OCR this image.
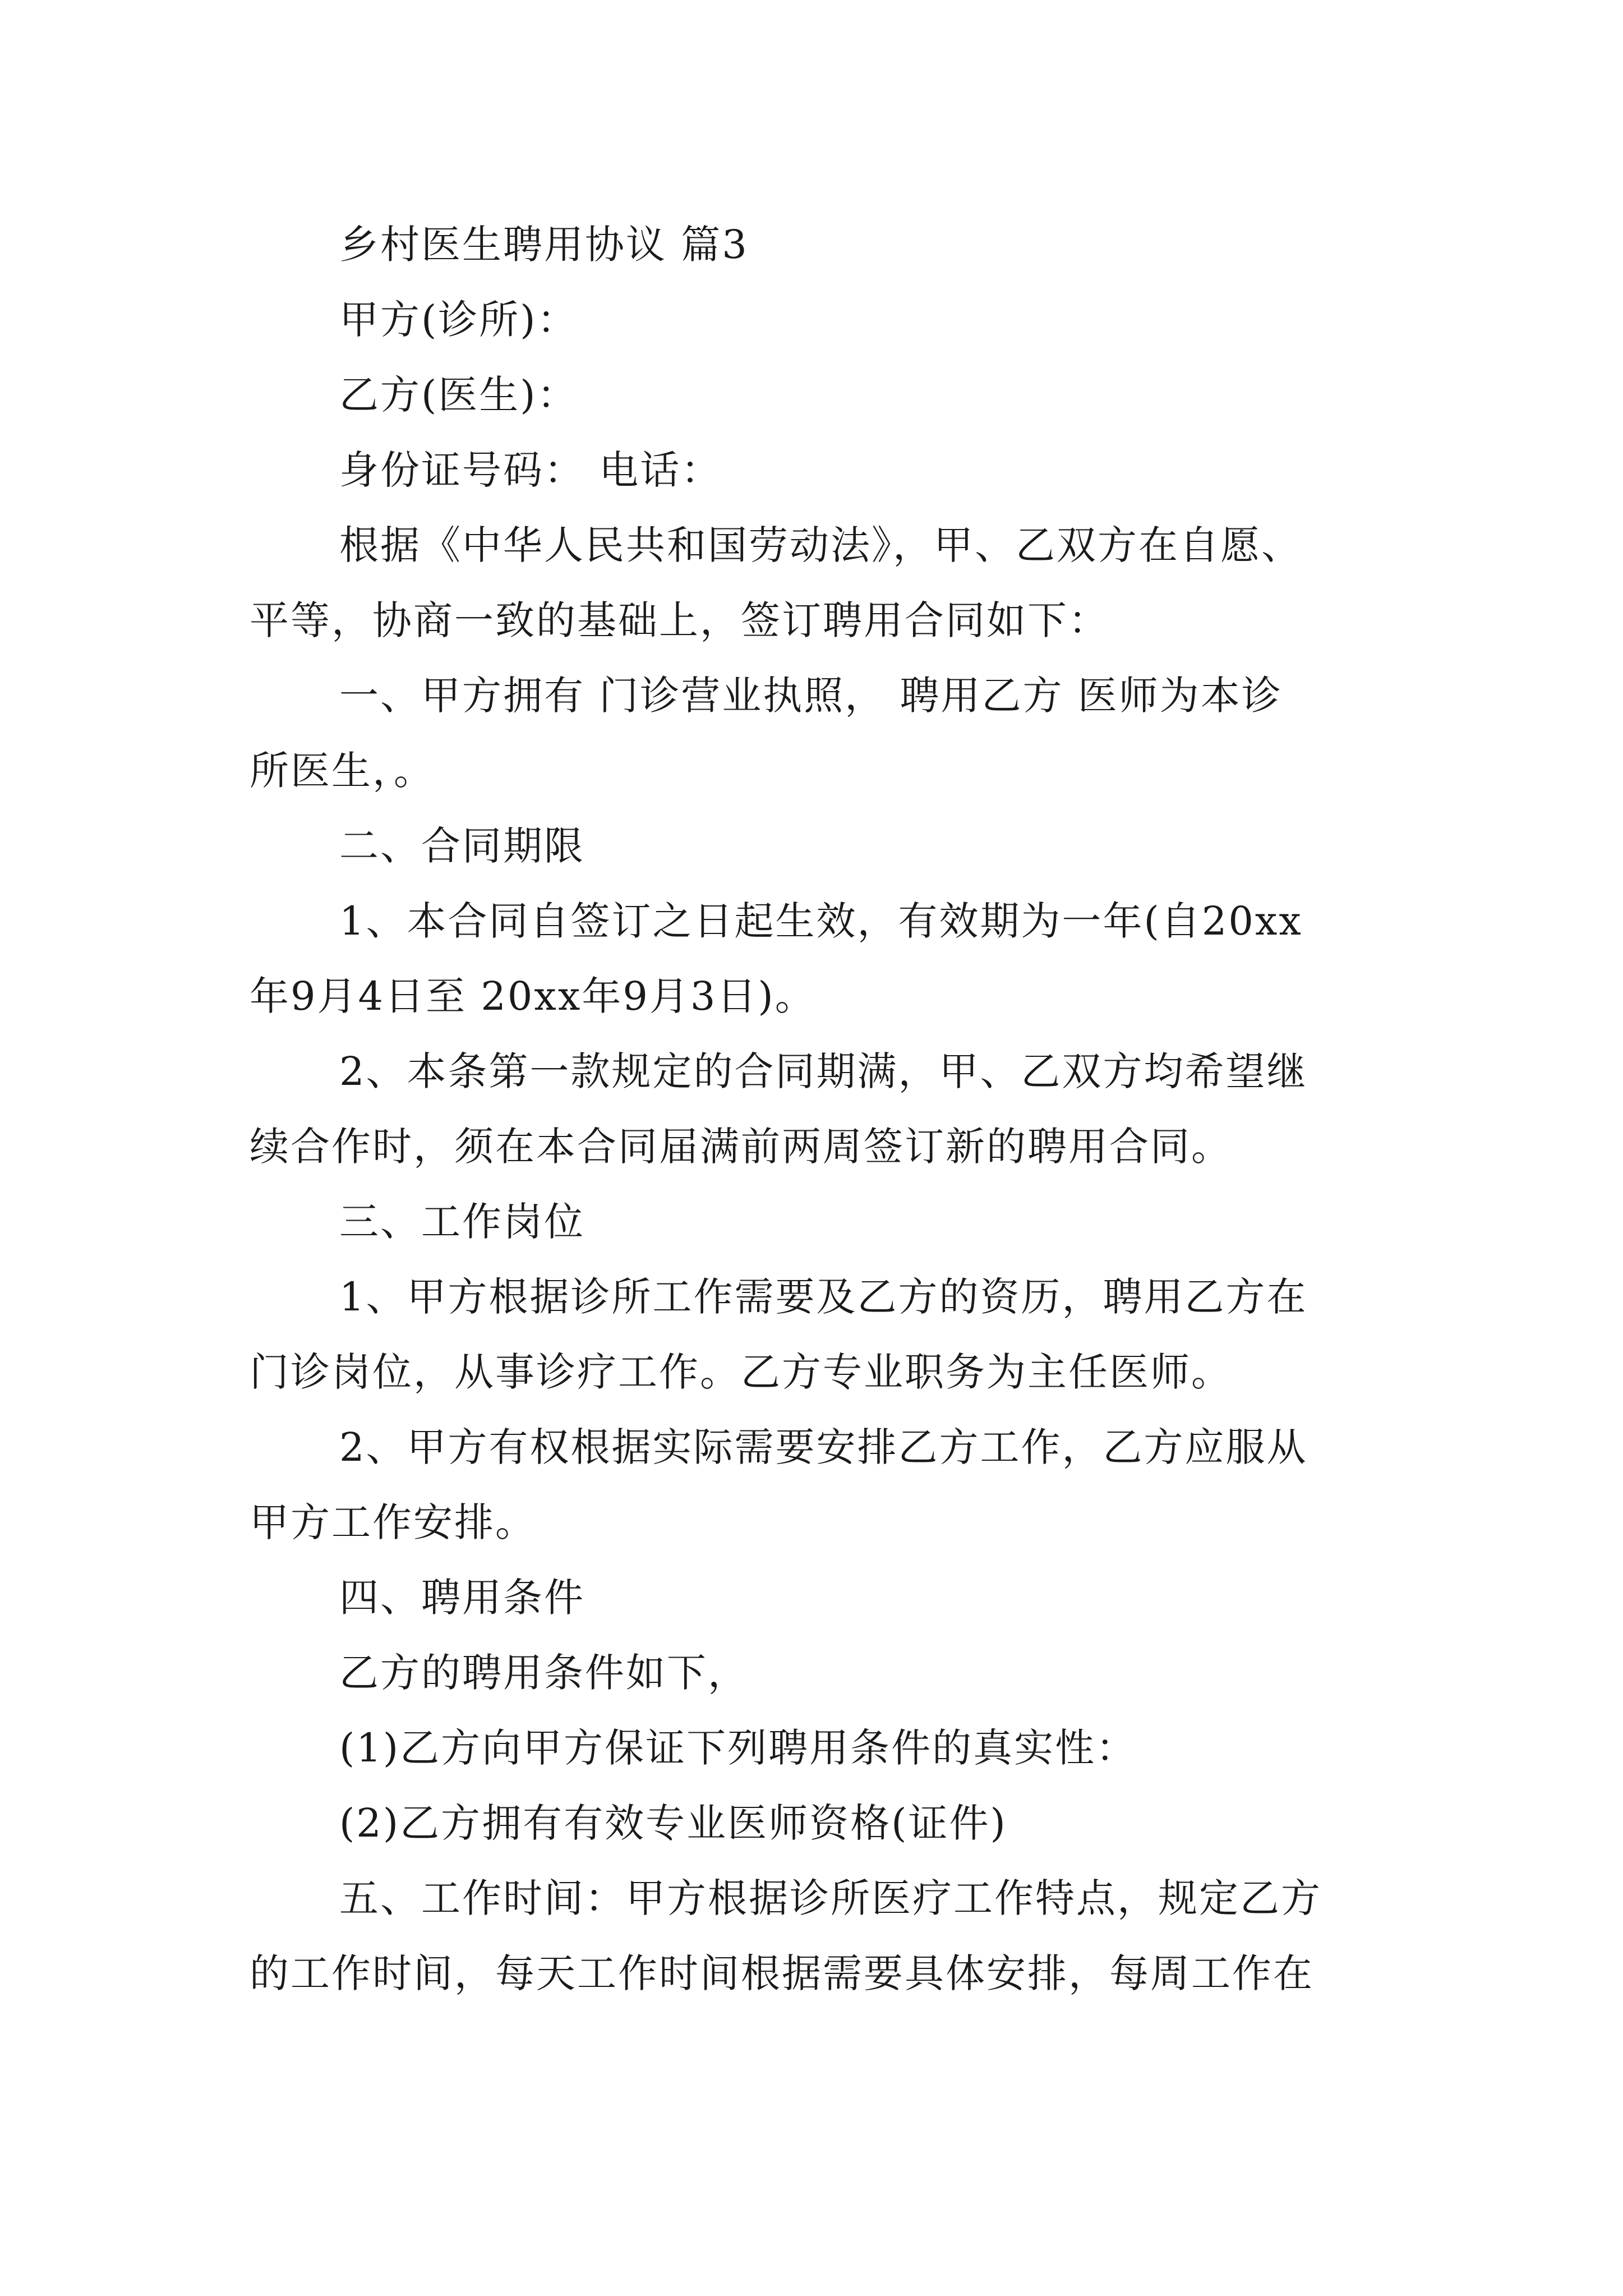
乡村医生聘用协议 篇3

甲方(诊所)：

乙方(医生)：

身份证号码： 电话：

根据《中华人民共和国劳动法》，甲、乙双方在自愿、

平等，协商一致的基础上，签订聘用合同如下：

一、甲方拥有 门诊营业执照， 聘用乙方 医师为本诊

所医生，。

二、合同期限

1、本合同自签订之日起生效，有效期为一年(自20xx

年9月4日至 20xx年9月3日)。

2、本条第一款规定的合同期满，甲、乙双方均希望继

续合作时，须在本合同届满前两周签订新的聘用合同。

三、工作岗位

1、甲方根据诊所工作需要及乙方的资历，聘用乙方在

门诊岗位，从事诊疗工作。乙方专业职务为主任医师。

2、甲方有权根据实际需要安排乙方工作，乙方应服从

甲方工作安排。

四、聘用条件

乙方的聘用条件如下，

(1)乙方向甲方保证下列聘用条件的真实性：

(2)乙方拥有有效专业医师资格(证件)

五、工作时间：甲方根据诊所医疗工作特点，规定乙方

的工作时间，每天工作时间根据需要具体安排，每周工作在
